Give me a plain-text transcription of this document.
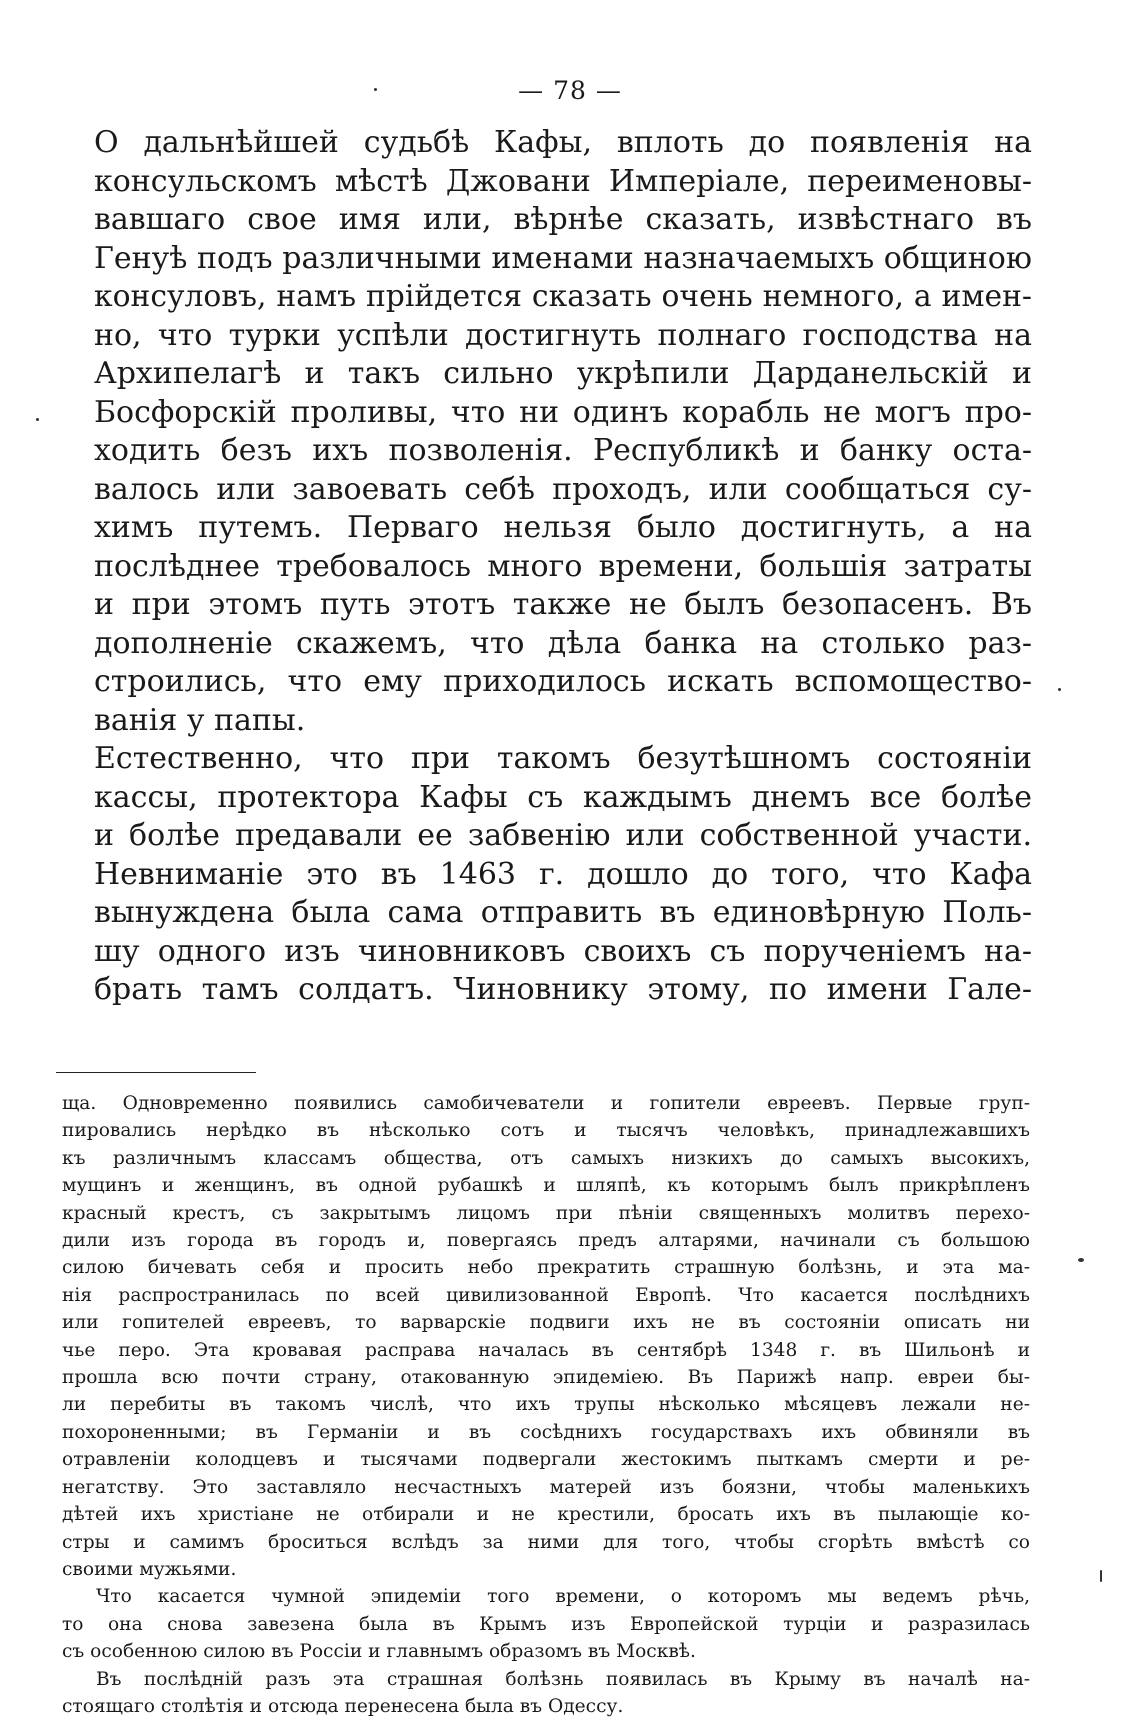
— 78 —

О дальнѣйшей судьбѣ Кафы, вплоть до появленія на
консульскомъ мѣстѣ Джовани Имперіале, переименовы-
вавшаго свое имя или, вѣрнѣе сказать, извѣстнаго въ
Генуѣ подъ различными именами назначаемыхъ общиною
консуловъ, намъ прійдется сказать очень немного, а имен-
но, что турки успѣли достигнуть полнаго господства на
Архипелагѣ и такъ сильно укрѣпили Дарданельскій и
Босфорскій проливы, что ни одинъ корабль не могъ про-
ходить безъ ихъ позволенія. Республикѣ и банку оста-
валось или завоевать себѣ проходъ, или сообщаться су-
химъ путемъ. Перваго нельзя было достигнуть, а на
послѣднее требовалось много времени, большія затраты
и при этомъ путь этотъ также не былъ безопасенъ. Въ
дополненіе скажемъ, что дѣла банка на столько раз-
строились, что ему приходилось искать вспомоществo-
ванія у папы.

Естественно, что при такомъ безутѣшномъ состояніи
кассы, протектора Кафы съ каждымъ днемъ все болѣе
и болѣе предавали ее забвенію или собственной участи.
Невниманіе это въ 1463 г. дошло до того, что Кафа
вынуждена была сама отправить въ единовѣрную Поль-
шу одного изъ чиновниковъ своихъ съ порученіемъ на-
брать тамъ солдатъ. Чиновнику этому, по имени Гале-

ща. Одновременно появились самобичеватели и гопители евреевъ. Первые груп-
пировались нерѣдко въ нѣсколько сотъ и тысячъ человѣкъ, принадлежавшихъ
къ различнымъ классамъ общества, отъ самыхъ низкихъ до самыхъ высокихъ,
мущинъ и женщинъ, въ одной рубашкѣ и шляпѣ, къ которымъ былъ прикрѣпленъ
красный крестъ, съ закрытымъ лицомъ при пѣніи священныхъ молитвъ перехо-
дили изъ города въ городъ и, повергаясь предъ алтарями, начинали съ большою
силою бичевать себя и просить небо прекратить страшную болѣзнь, и эта ма-
нія распространилась по всей цивилизованной Европѣ. Что касается послѣднихъ
или гопителей евреевъ, то варварскіе подвиги ихъ не въ состояніи описать ни
чье перо. Эта кровавая расправа началась въ сентябрѣ 1348 г. въ Шильонѣ и
прошла всю почти страну, отакованную эпидеміею. Въ Парижѣ напр. евреи бы-
ли перебиты въ такомъ числѣ, что ихъ трупы нѣсколько мѣсяцевъ лежали не-
похороненными; въ Германіи и въ сосѣднихъ государствахъ ихъ обвиняли въ
отравленіи колодцевъ и тысячами подвергали жестокимъ пыткамъ смерти и ре-
негатству. Это заставляло несчастныхъ матерей изъ боязни, чтобы маленькихъ
дѣтей ихъ христіане не отбирали и не крестили, бросать ихъ въ пылающіе ко-
стры и самимъ броситься вслѣдъ за ними для того, чтобы сгорѣть вмѣстѣ со
своими мужьями.
Что касается чумной эпидеміи того времени, о которомъ мы ведемъ рѣчь,
то она снова завезена была въ Крымъ изъ Европейской турціи и разразилась
съ особенною силою въ Россіи и главнымъ образомъ въ Москвѣ.
Въ послѣдній разъ эта страшная болѣзнь появилась въ Крыму въ началѣ на-
стоящаго столѣтія и отсюда перенесена была въ Одессу.
